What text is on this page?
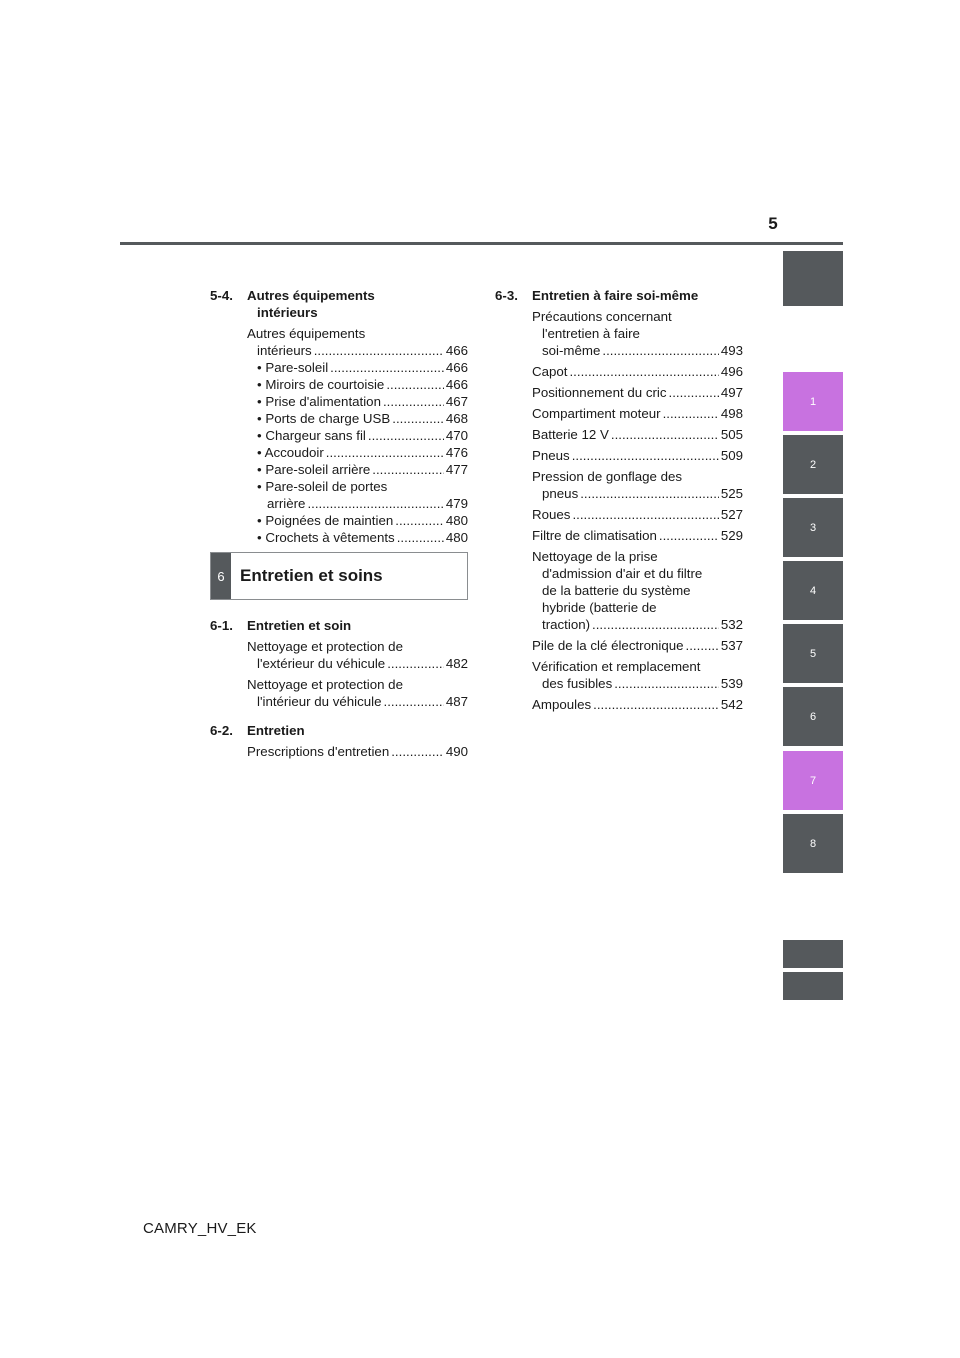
5
5-4.	Autres équipements
intérieurs
Autres équipements
intérieurs .....	466
• Pare-soleil .....	466
• Miroirs de courtoisie .....	466
• Prise d'alimentation .....	467
• Ports de charge USB .....	468
• Chargeur sans fil .....	470
• Accoudoir .....	476
• Pare-soleil arrière .....	477
• Pare-soleil de portes
arrière .....	479
• Poignées de maintien .....	480
• Crochets à vêtements .....	480
6 Entretien et soins
6-1.	Entretien et soin
Nettoyage et protection de
l'extérieur du véhicule .....	482
Nettoyage et protection de
l'intérieur du véhicule .....	487
6-2.	Entretien
Prescriptions d'entretien .....	490
6-3.	Entretien à faire soi-même
Précautions concernant
l'entretien à faire
soi-même .....	493
Capot .....	496
Positionnement du cric .....	497
Compartiment moteur .....	498
Batterie 12 V .....	505
Pneus .....	509
Pression de gonflage des
pneus .....	525
Roues .....	527
Filtre de climatisation .....	529
Nettoyage de la prise
d'admission d'air et du filtre
de la batterie du système
hybride (batterie de
traction) .....	532
Pile de la clé électronique .....	537
Vérification et remplacement
des fusibles .....	539
Ampoules .....	542
1
2
3
4
5
6
7
8
CAMRY_HV_EK
